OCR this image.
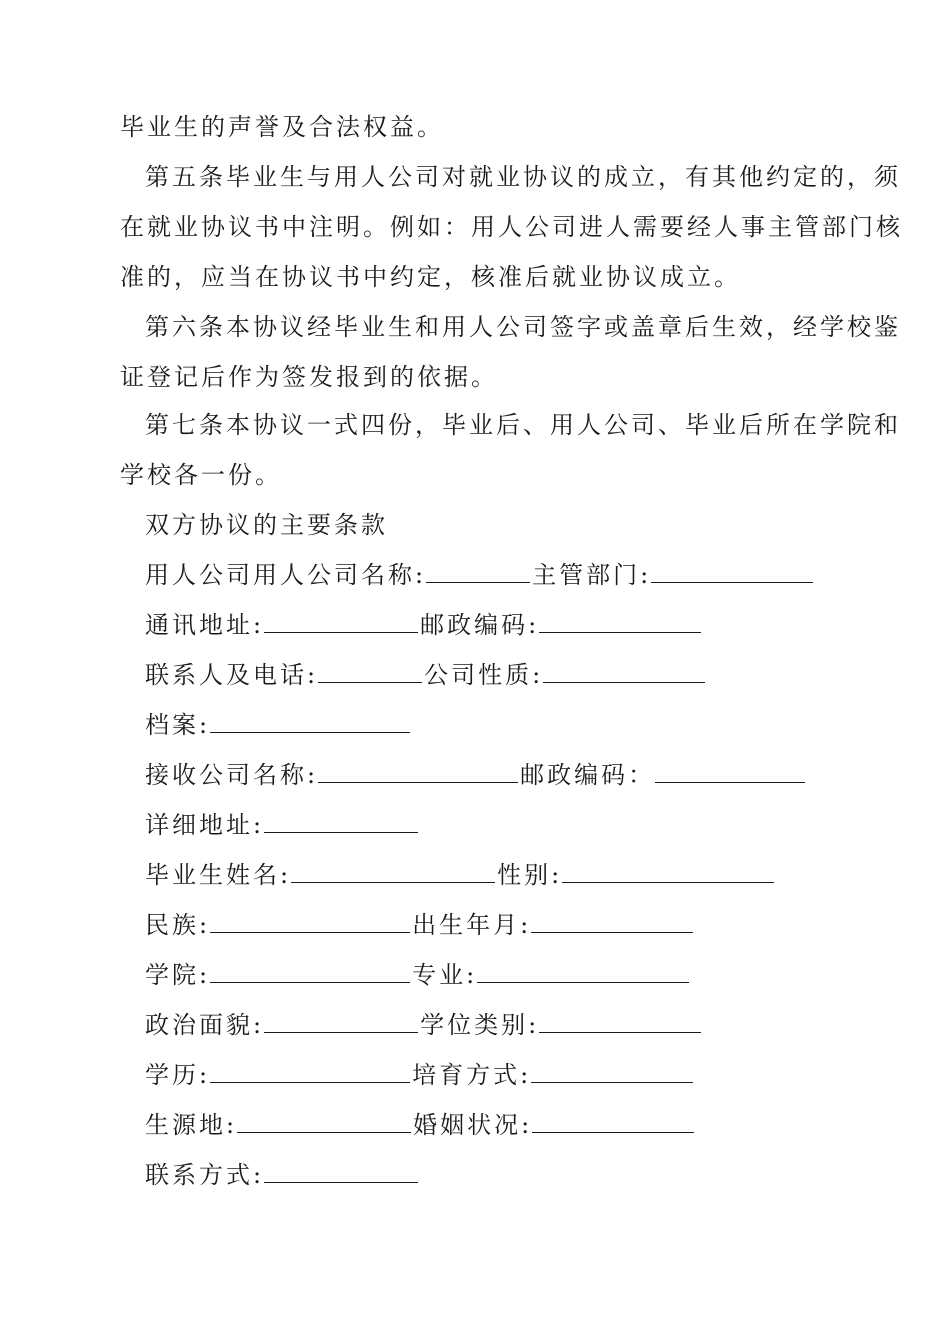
毕业生的声誉及合法权益。
第五条毕业生与用人公司对就业协议的成立，有其他约定的，须
在就业协议书中注明。例如：用人公司进人需要经人事主管部门核
准的，应当在协议书中约定，核准后就业协议成立。
第六条本协议经毕业生和用人公司签字或盖章后生效，经学校鉴
证登记后作为签发报到的依据。
第七条本协议一式四份，毕业后、用人公司、毕业后所在学院和
学校各一份。
双方协议的主要条款
用人公司用人公司名称:	主管部门:
通讯地址:	邮政编码:
联系人及电话:	公司性质:
档案:
接收公司名称:	邮政编码：
详细地址:
毕业生姓名:	性别:
民族:	出生年月:
学院:	专业:
政治面貌:	学位类别:
学历:	培育方式:
生源地:	婚姻状况:
联系方式:
